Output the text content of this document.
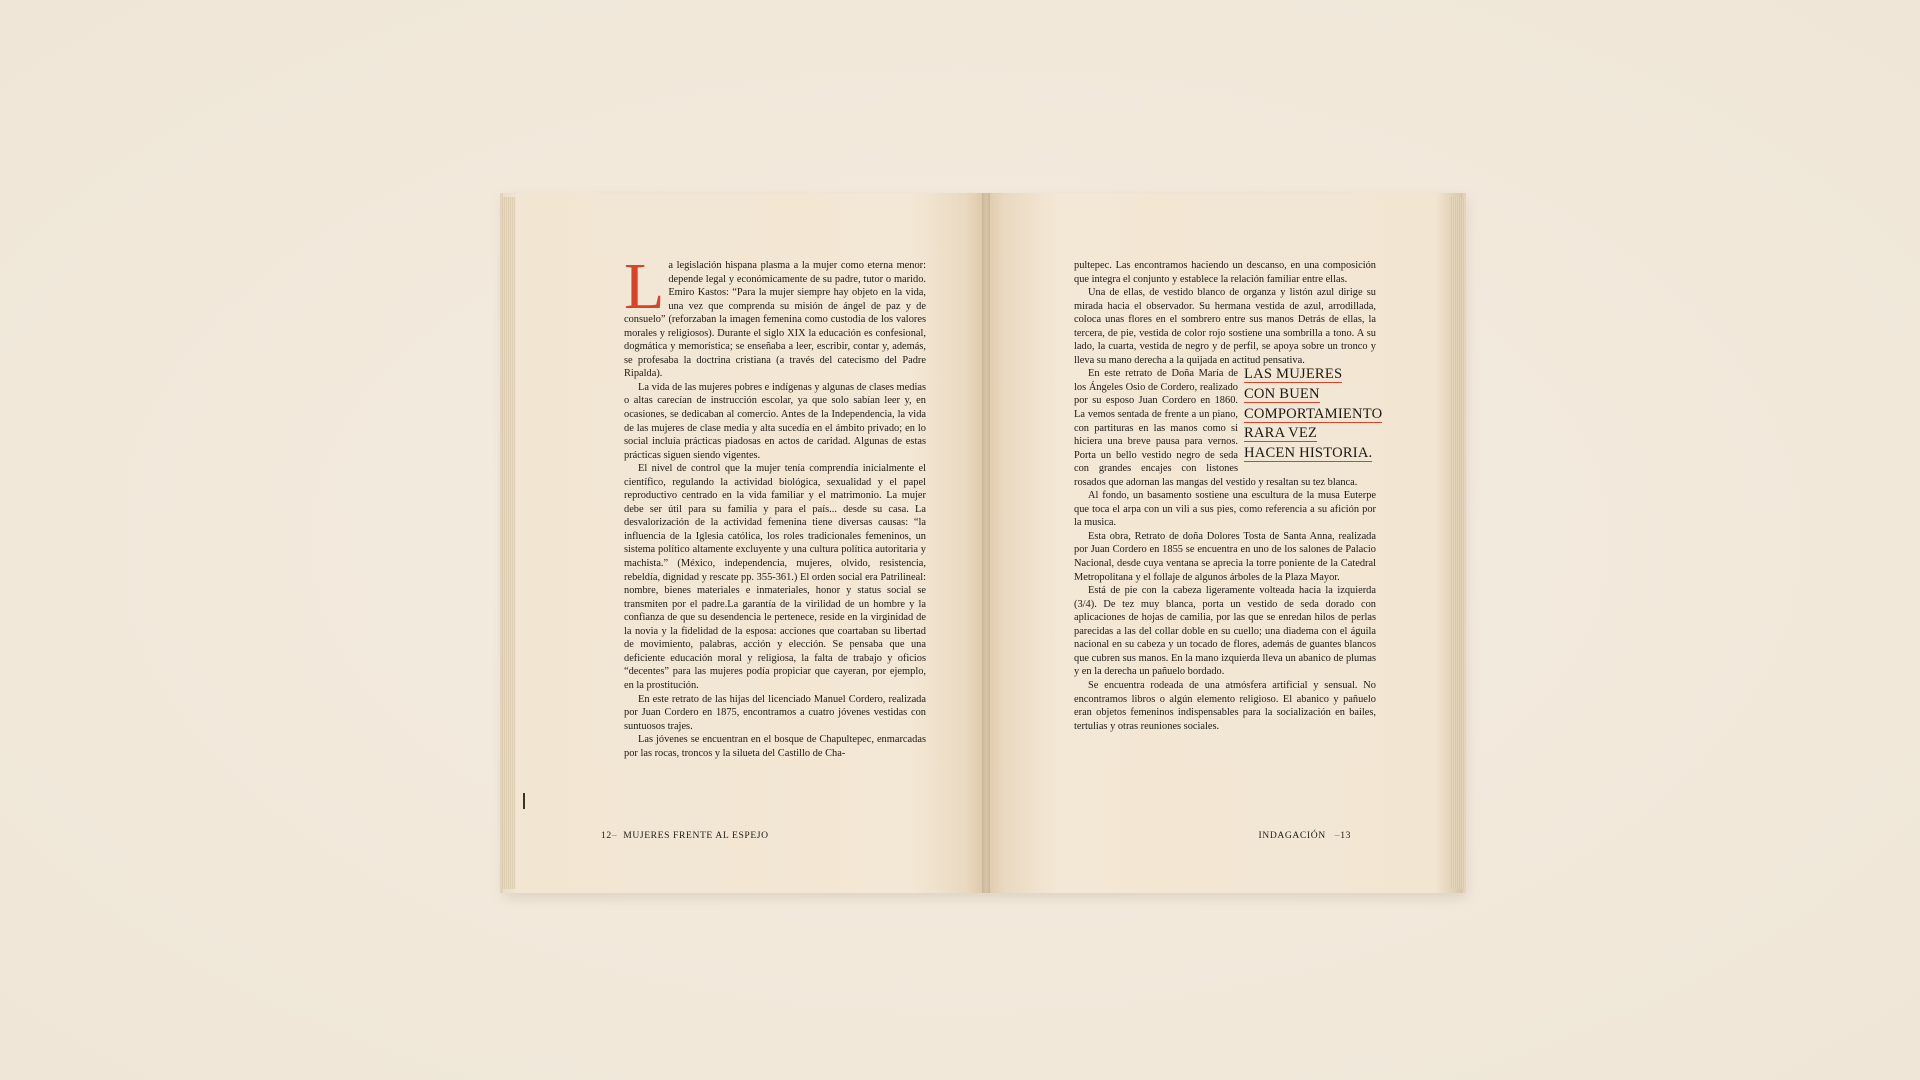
La legislación hispana plasma a la mujer como eterna menor: depende legal y económicamente de su padre, tutor o marido. Emiro Kastos: “Para la mujer siempre hay objeto en la vida, una vez que comprenda su misión de ángel de paz y de consuelo” (reforzaban la imagen femenina como custodia de los valores morales y religiosos). Durante el siglo XIX la educación es confesional, dogmática y memorística; se enseñaba a leer, escribir, contar y, además, se profesaba la doctrina cristiana (a través del catecismo del Padre Ripalda).

La vida de las mujeres pobres e indígenas y algunas de clases medias o altas carecían de instrucción escolar, ya que solo sabían leer y, en ocasiones, se dedicaban al comercio. Antes de la Independencia, la vida de las mujeres de clase media y alta sucedía en el ámbito privado; en lo social incluía prácticas piadosas en actos de caridad. Algunas de estas prácticas siguen siendo vigentes.

El nivel de control que la mujer tenía comprendía inicialmente el científico, regulando la actividad biológica, sexualidad y el papel reproductivo centrado en la vida familiar y el matrimonio. La mujer debe ser útil para su familia y para el país... desde su casa. La desvalorización de la actividad femenina tiene diversas causas: “la influencia de la Iglesia católica, los roles tradicionales femeninos, un sistema político altamente excluyente y una cultura política autoritaria y machista.” (México, independencia, mujeres, olvido, resistencia, rebeldía, dignidad y rescate pp. 355-361.) El orden social era Patrilineal: nombre, bienes materiales e inmateriales, honor y status social se transmiten por el padre.La garantía de la virilidad de un hombre y la confianza de que su desendencia le pertenece, reside en la virginidad de la novia y la fidelidad de la esposa: acciones que coartaban su libertad de movimiento, palabras, acción y elección. Se pensaba que una deficiente educación moral y religiosa, la falta de trabajo y oficios “decentes” para las mujeres podía propiciar que cayeran, por ejemplo, en la prostitución.

En este retrato de las hijas del licenciado Manuel Cordero, realizada por Juan Cordero en 1875, encontramos a cuatro jóvenes vestidas con suntuosos trajes.

Las jóvenes se encuentran en el bosque de Chapultepec, enmarcadas por las rocas, troncos y la silueta del Castillo de Cha-

12– MUJERES FRENTE AL ESPEJO	INDAGACIÓN –13

pultepec. Las encontramos haciendo un descanso, en una composición que integra el conjunto y establece la relación familiar entre ellas.

Una de ellas, de vestido blanco de organza y listón azul dirige su mirada hacia el observador. Su hermana vestida de azul, arrodillada, coloca unas flores en el sombrero entre sus manos Detrás de ellas, la tercera, de pie, vestida de color rojo sostiene una sombrilla a tono. A su lado, la cuarta, vestida de negro y de perfil, se apoya sobre un tronco y lleva su mano derecha a la quijada en actitud pensativa.

LAS MUJERES
CON BUEN
COMPORTAMIENTO
RARA VEZ
HACEN HISTORIA.
En este retrato de Doña María de los Ángeles Osio de Cordero, realizado por su esposo Juan Cordero en 1860. La vemos sentada de frente a un piano, con partituras en las manos como si hiciera una breve pausa para vernos. Porta un bello vestido negro de seda con grandes encajes con listones rosados que adornan las mangas del vestido y resaltan su tez blanca.

Al fondo, un basamento sostiene una escultura de la musa Euterpe que toca el arpa con un vili a sus pies, como referencia a su afición por la musica.

Esta obra, Retrato de doña Dolores Tosta de Santa Anna, realizada por Juan Cordero en 1855 se encuentra en uno de los salones de Palacio Nacional, desde cuya ventana se aprecia la torre poniente de la Catedral Metropolitana y el follaje de algunos árboles de la Plaza Mayor.

Está de pie con la cabeza ligeramente volteada hacia la izquierda (3/4). De tez muy blanca, porta un vestido de seda dorado con aplicaciones de hojas de camilia, por las que se enredan hilos de perlas parecidas a las del collar doble en su cuello; una diadema con el águila nacional en su cabeza y un tocado de flores, además de guantes blancos que cubren sus manos. En la mano izquierda lleva un abanico de plumas y en la derecha un pañuelo bordado.

Se encuentra rodeada de una atmósfera artificial y sensual. No encontramos libros o algún elemento religioso. El abanico y pañuelo eran objetos femeninos indispensables para la socialización en bailes, tertulias y otras reuniones sociales.
